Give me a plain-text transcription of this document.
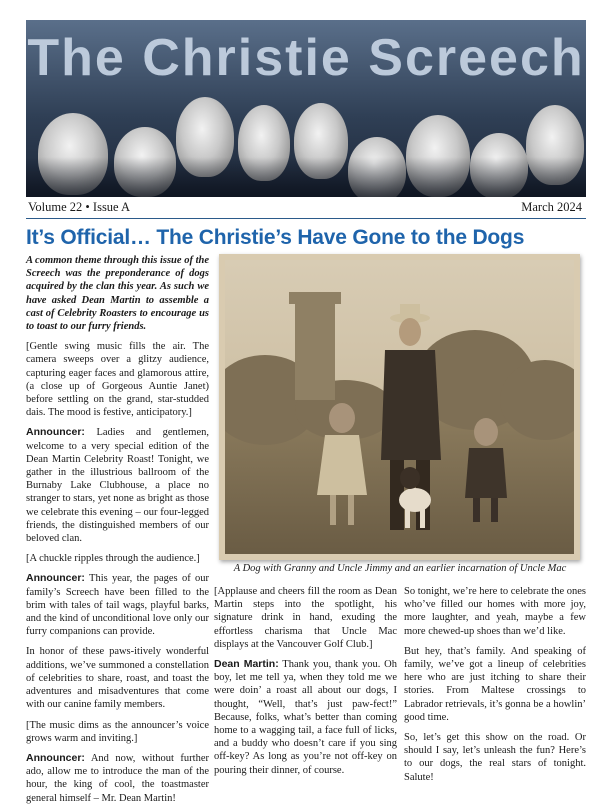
The Christie Screech
Volume 22 • Issue A	March 2024
It’s Official… The Christie’s Have Gone to the Dogs

A common theme through this issue of the Screech was the preponderance of dogs acquired by the clan this year. As such we have asked Dean Martin to assemble a cast of Celebrity Roasters to encourage us to toast to our furry friends.

[Gentle swing music fills the air. The camera sweeps over a glitzy audience, capturing eager faces and glamorous attire, (a close up of Gorgeous Auntie Janet) before settling on the grand, star-studded dais. The mood is festive, anticipatory.]

Announcer: Ladies and gentlemen, welcome to a very special edition of the Dean Martin Celebrity Roast! Tonight, we gather in the illustrious ballroom of the Burnaby Lake Clubhouse, a place no stranger to stars, yet none as bright as those we celebrate this evening – our four-legged friends, the distinguished members of our beloved clan.

[A chuckle ripples through the audience.]

Announcer: This year, the pages of our family’s Screech have been filled to the brim with tales of tail wags, playful barks, and the kind of unconditional love only our furry companions can provide.

In honor of these paws-itively wonderful additions, we’ve summoned a constellation of celebrities to share, roast, and toast the adventures and misadventures that come with our canine family members.

[The music dims as the announcer’s voice grows warm and inviting.]

Announcer: And now, without further ado, allow me to introduce the man of the hour, the king of cool, the toastmaster general himself – Mr. Dean Martin!

A Dog with Granny and Uncle Jimmy and an earlier incarnation of Uncle Mac

[Applause and cheers fill the room as Dean Martin steps into the spotlight, his signature drink in hand, exuding the effortless charisma that Uncle Mac displays at the Vancouver Golf Club.]

Dean Martin: Thank you, thank you. Oh boy, let me tell ya, when they told me we were doin’ a roast all about our dogs, I thought, “Well, that’s just paw-fect!” Because, folks, what’s better than coming home to a wagging tail, a face full of licks, and a buddy who doesn’t care if you sing off-key? As long as you’re not off-key on pouring their dinner, of course.

So tonight, we’re here to celebrate the ones who’ve filled our homes with more joy, more laughter, and yeah, maybe a few more chewed-up shoes than we’d like.

But hey, that’s family. And speaking of family, we’ve got a lineup of celebrities here who are just itching to share their stories. From Maltese crossings to Labrador retrievals, it’s gonna be a howlin’ good time.

So, let’s get this show on the road. Or should I say, let’s unleash the fun? Here’s to our dogs, the real stars of tonight. Salute!
